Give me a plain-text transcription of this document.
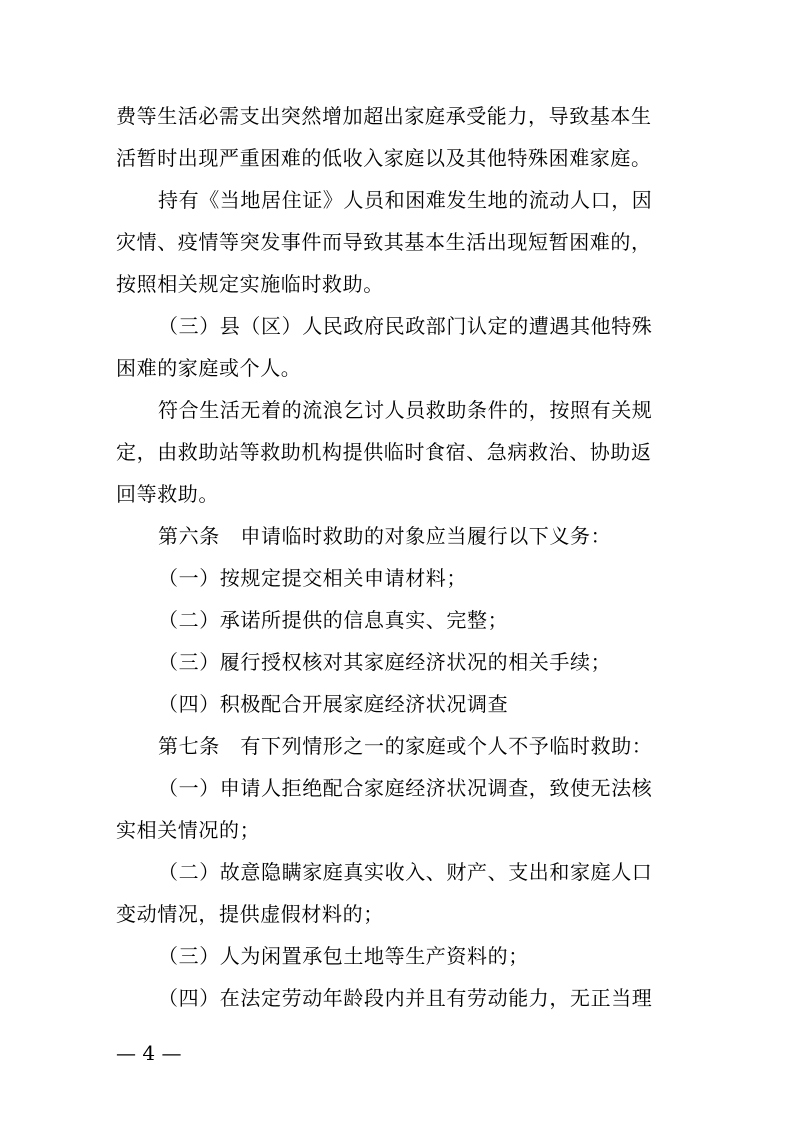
费等生活必需支出突然增加超出家庭承受能力，导致基本生
活暂时出现严重困难的低收入家庭以及其他特殊困难家庭。
持有《当地居住证》人员和困难发生地的流动人口，因
灾情、疫情等突发事件而导致其基本生活出现短暂困难的，
按照相关规定实施临时救助。
（三）县（区）人民政府民政部门认定的遭遇其他特殊
困难的家庭或个人。
符合生活无着的流浪乞讨人员救助条件的，按照有关规
定，由救助站等救助机构提供临时食宿、急病救治、协助返
回等救助。
第六条　申请临时救助的对象应当履行以下义务：
（一）按规定提交相关申请材料；
（二）承诺所提供的信息真实、完整；
（三）履行授权核对其家庭经济状况的相关手续；
（四）积极配合开展家庭经济状况调查
第七条　有下列情形之一的家庭或个人不予临时救助：
（一）申请人拒绝配合家庭经济状况调查，致使无法核
实相关情况的；
（二）故意隐瞒家庭真实收入、财产、支出和家庭人口
变动情况，提供虚假材料的；
（三）人为闲置承包土地等生产资料的；
（四）在法定劳动年龄段内并且有劳动能力，无正当理
— 4 —
